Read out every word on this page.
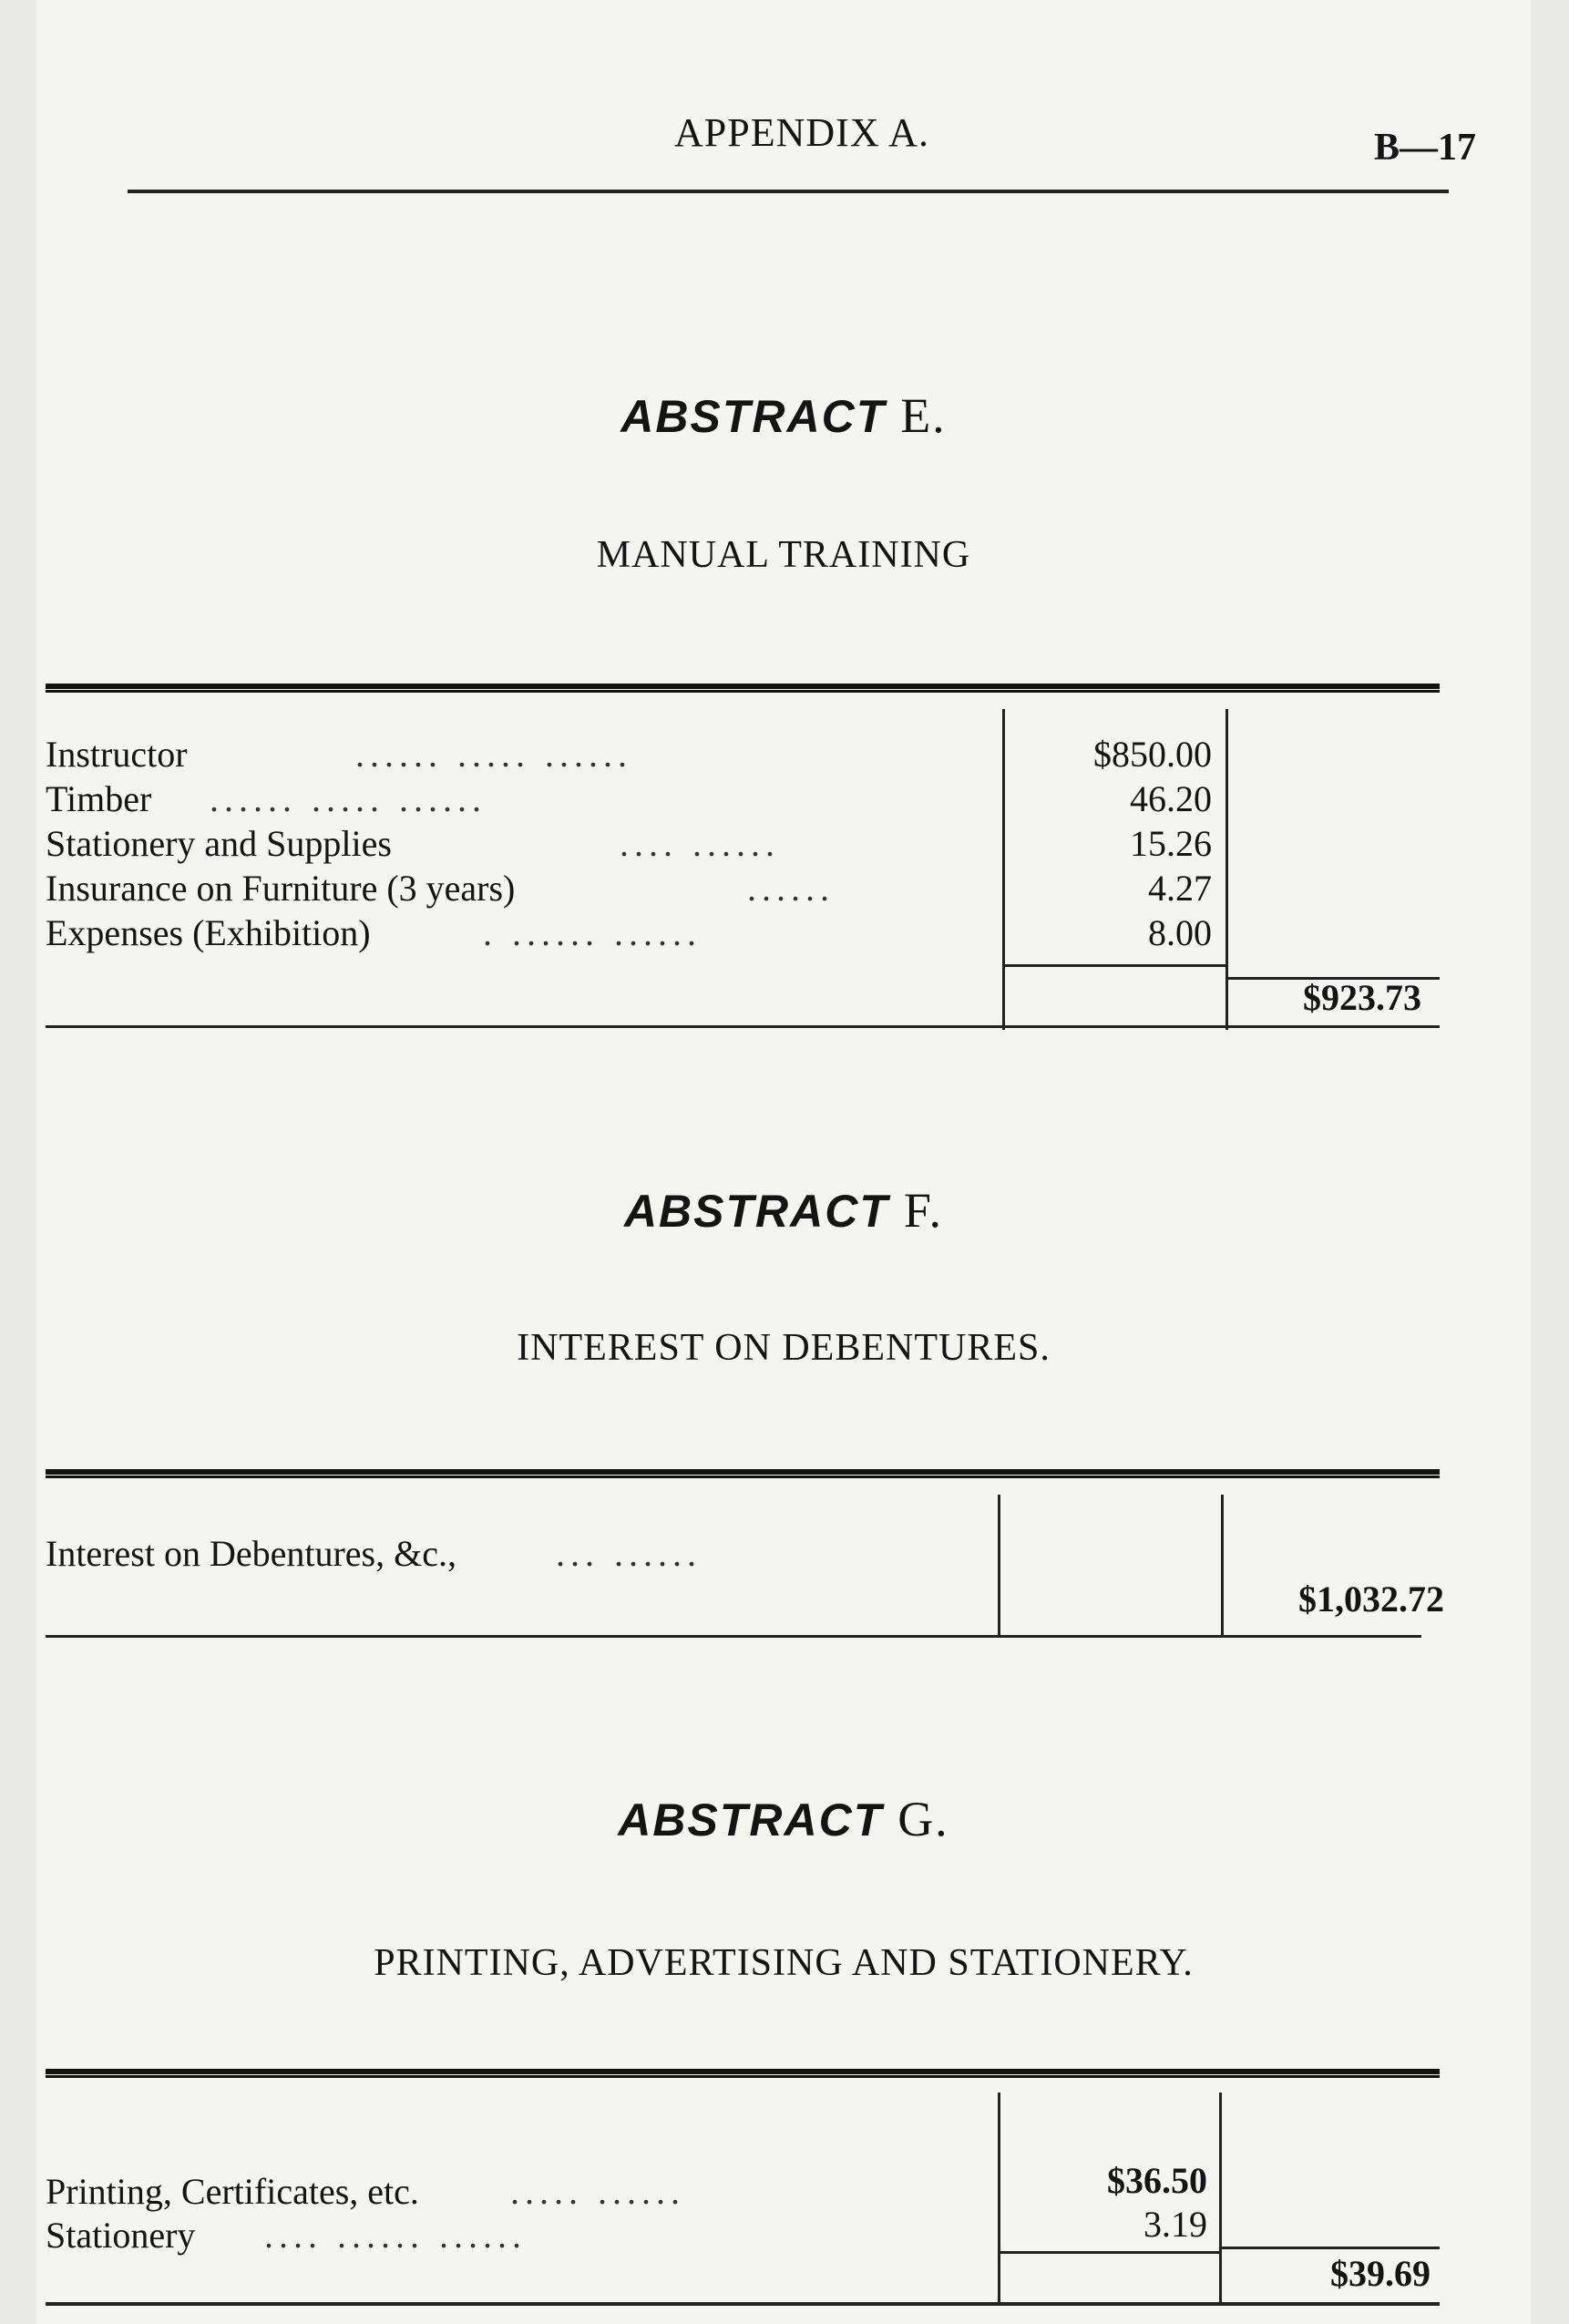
APPENDIX A.	B—17
ABSTRACT E.
MANUAL TRAINING
Instructor	...... ..... ......	$850.00
Timber ...... ..... ......	46.20
Stationery and Supplies	.... ......	15.26
Insurance on Furniture (3 years)	......	4.27
Expenses (Exhibition)	. ...... ......	8.00
$923.73
ABSTRACT F.
INTEREST ON DEBENTURES.
Interest on Debentures, &c.,	... ......
$1,032.72
ABSTRACT G.
PRINTING, ADVERTISING AND STATIONERY.
Printing, Certificates, etc.	..... ......	$36.50
Stationery .... ...... ......	3.19
$39.69
